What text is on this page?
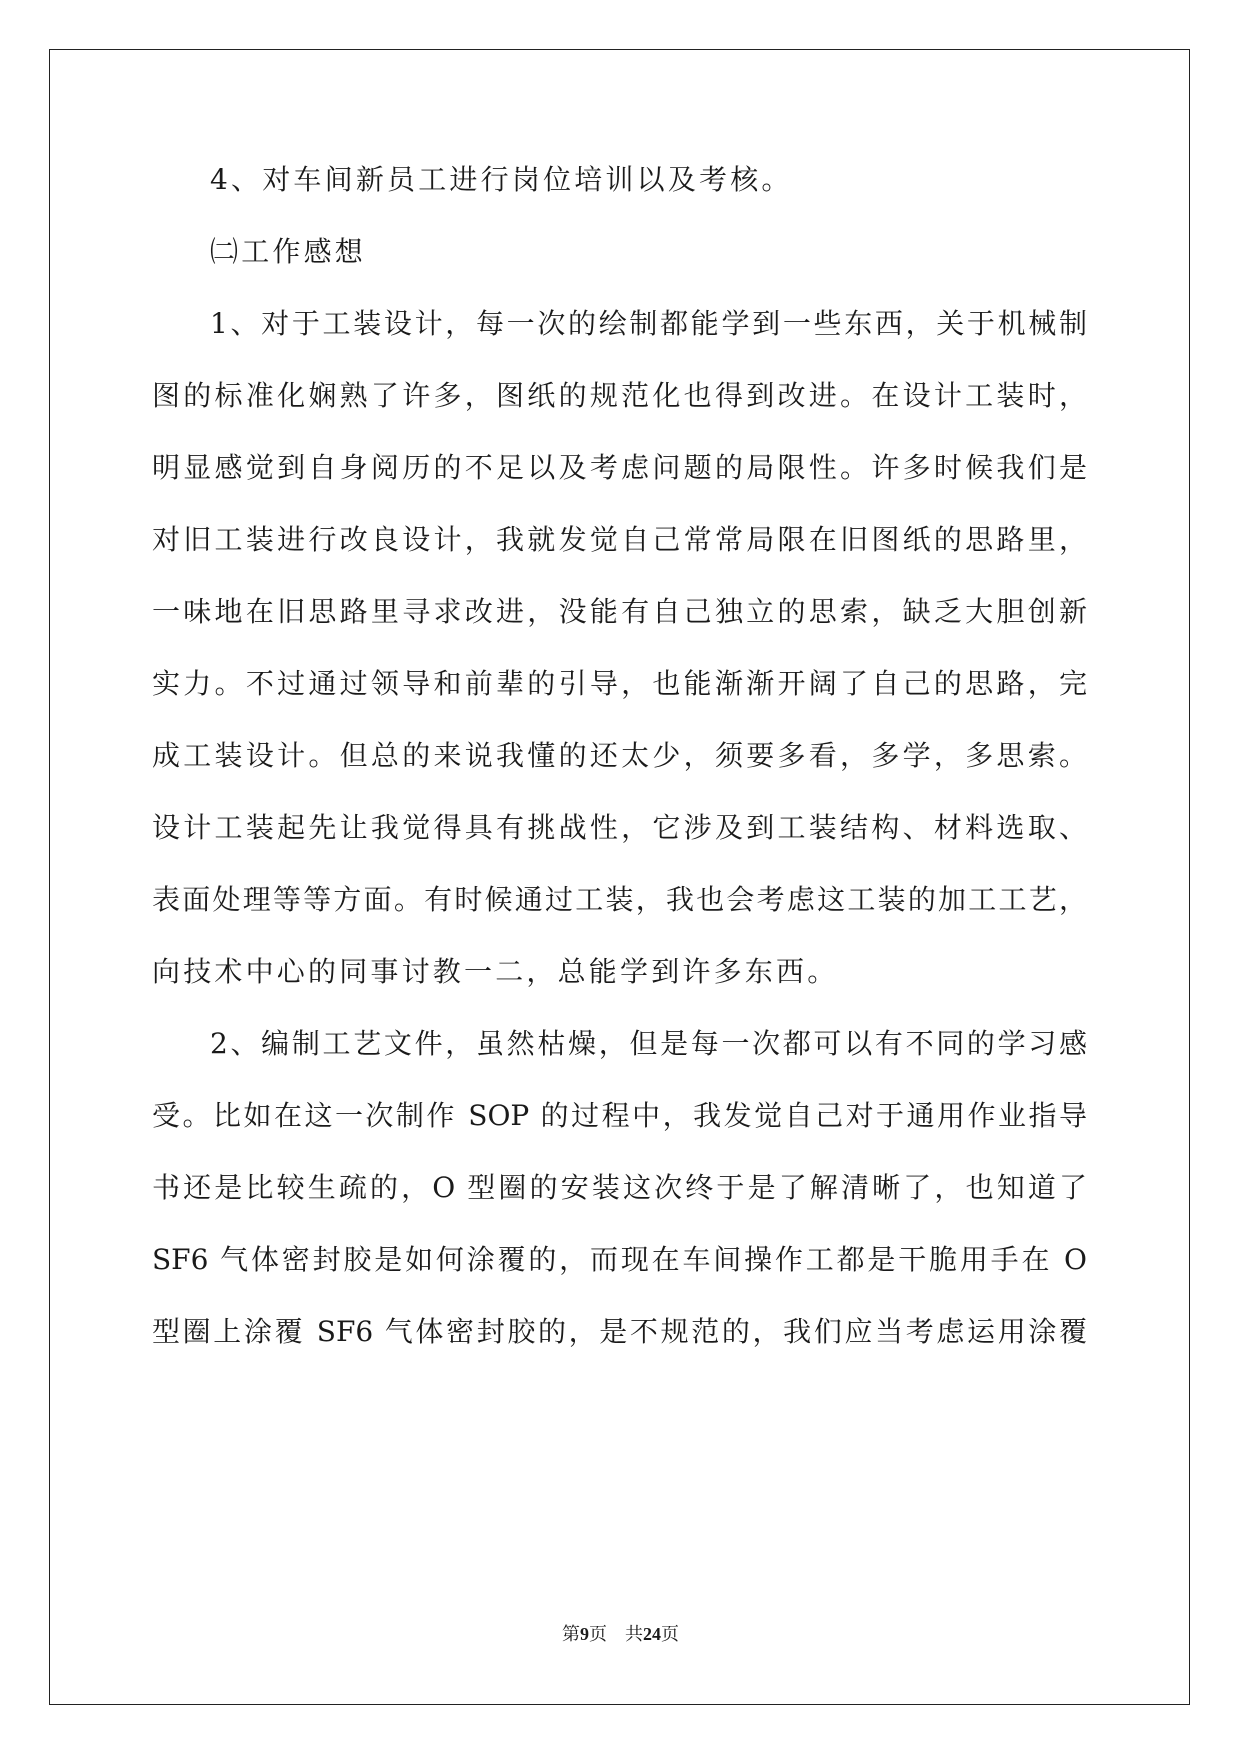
4、对车间新员工进行岗位培训以及考核。
㈡工作感想
1、对于工装设计，每一次的绘制都能学到一些东西，关于机械制
图的标准化娴熟了许多，图纸的规范化也得到改进。在设计工装时，
明显感觉到自身阅历的不足以及考虑问题的局限性。许多时候我们是
对旧工装进行改良设计，我就发觉自己常常局限在旧图纸的思路里，
一味地在旧思路里寻求改进，没能有自己独立的思索，缺乏大胆创新
实力。不过通过领导和前辈的引导，也能渐渐开阔了自己的思路，完
成工装设计。但总的来说我懂的还太少，须要多看，多学，多思索。
设计工装起先让我觉得具有挑战性，它涉及到工装结构、材料选取、
表面处理等等方面。有时候通过工装，我也会考虑这工装的加工工艺，
向技术中心的同事讨教一二，总能学到许多东西。
2、编制工艺文件，虽然枯燥，但是每一次都可以有不同的学习感
受。比如在这一次制作 SOP 的过程中，我发觉自己对于通用作业指导
书还是比较生疏的，O 型圈的安装这次终于是了解清晰了，也知道了
SF6 气体密封胶是如何涂覆的，而现在车间操作工都是干脆用手在 O
型圈上涂覆 SF6 气体密封胶的，是不规范的，我们应当考虑运用涂覆
第9页 共24页
